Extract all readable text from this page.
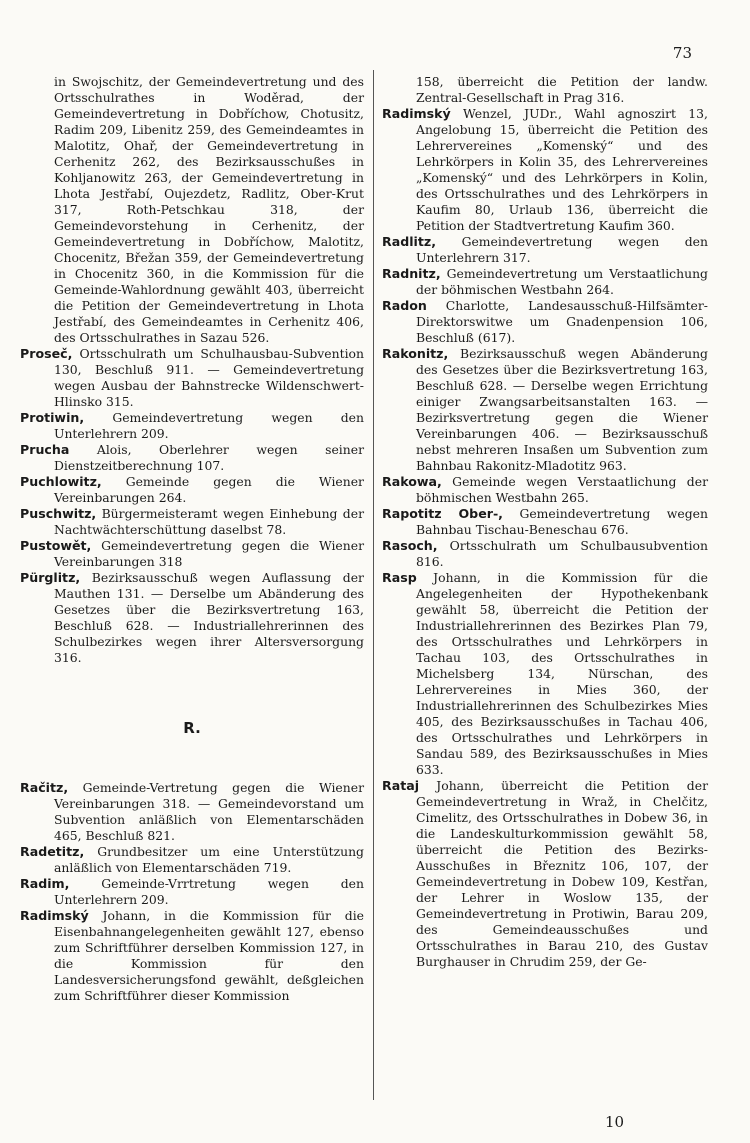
73

in Swojschitz, der Gemeindevertretung und des Ortsschulrathes in Woděrad, der Gemeindevertretung in Dobříchow, Chotusitz, Radim 209, Libenitz 259, des Gemeindeamtes in Malotitz, Ohař, der Gemeindevertretung in Cerhenitz 262, des Bezirksausschußes in Kohljanowitz 263, der Gemeindevertretung in Lhota Jestřabí, Oujezdetz, Radlitz, Ober-Krut 317, Roth-Petschkau 318, der Gemeindevorstehung in Cerhenitz, der Gemeindevertretung in Dobříchow, Malotitz, Chocenitz, Břežan 359, der Gemeindevertretung in Chocenitz 360, in die Kommission für die Gemeinde-Wahlordnung gewählt 403, überreicht die Petition der Gemeindevertretung in Lhota Jestřabí, des Gemeindeamtes in Cerhenitz 406, des Ortsschulrathes in Sazau 526.

Proseč, Ortsschulrath um Schulhausbau-Subvention 130, Beschluß 911. — Gemeindevertretung wegen Ausbau der Bahnstrecke Wildenschwert-Hlinsko 315.

Protiwin, Gemeindevertretung wegen den Unterlehrern 209.

Prucha Alois, Oberlehrer wegen seiner Dienstzeitberechnung 107.

Puchlowitz, Gemeinde gegen die Wiener Vereinbarungen 264.

Puschwitz, Bürgermeisteramt wegen Einhebung der Nachtwächterschüttung daselbst 78.

Pustowět, Gemeindevertretung gegen die Wiener Vereinbarungen 318

Pürglitz, Bezirksausschuß wegen Auflassung der Mauthen 131. — Derselbe um Abänderung des Gesetzes über die Bezirksvertretung 163, Beschluß 628. — Industriallehrerinnen des Schulbezirkes wegen ihrer Altersversorgung 316.

R.

Račitz, Gemeinde-Vertretung gegen die Wiener Vereinbarungen 318. — Gemeindevorstand um Subvention anläßlich von Elementarschäden 465, Beschluß 821.

Radetitz, Grundbesitzer um eine Unterstützung anläßlich von Elementarschäden 719.

Radim,	Gemeinde-Vrrtretung wegen den Unterlehrern 209.

Radimský Johann, in die Kommission für die Eisenbahnangelegenheiten gewählt 127, ebenso zum Schriftführer derselben Kommission 127, in die Kommission für den Landesversicherungsfond gewählt, deßgleichen zum Schriftführer dieser Kommission

158, überreicht die Petition der landw. Zentral-Gesellschaft in Prag 316.

Radimský Wenzel, JUDr., Wahl agnoszirt 13, Angelobung 15, überreicht die Petition des Lehrervereines „Komenský“ und des Lehrkörpers in Kolin 35, des Lehrervereines „Komenský“ und des Lehrkörpers in Kolin, des Ortsschulrathes und des Lehrkörpers in Kaufim 80, Urlaub 136, überreicht die Petition der Stadtvertretung Kaufim 360.

Radlitz, Gemeindevertretung wegen den Unterlehrern 317.

Radnitz, Gemeindevertretung um Verstaatlichung der böhmischen Westbahn 264.

Radon Charlotte, Landesausschuß-Hilfsämter-Direktorswitwe um Gnadenpension 106, Beschluß (617).

Rakonitz, Bezirksausschuß wegen Abänderung des Gesetzes über die Bezirksvertretung 163, Beschluß 628. — Derselbe wegen Errichtung einiger Zwangsarbeitsanstalten 163. — Bezirksvertretung gegen die Wiener Vereinbarungen 406. — Bezirksausschuß nebst mehreren Insaßen um Subvention zum Bahnbau Rakonitz-Mladotitz 963.

Rakowa, Gemeinde wegen Verstaatlichung der böhmischen Westbahn 265.

Rapotitz Ober-, Gemeindevertretung wegen Bahnbau Tischau-Beneschau 676.

Rasoch, Ortsschulrath um Schulbausubvention 816.

Rasp Johann, in die Kommission für die Angelegenheiten der Hypothekenbank gewählt 58, überreicht die Petition der Industriallehrerinnen des Bezirkes Plan 79, des Ortsschulrathes und Lehrkörpers in Tachau 103, des Ortsschulrathes in Michelsberg 134, Nürschan, des Lehrervereines in Mies 360, der Industriallehrerinnen des Schulbezirkes Mies 405, des Bezirksausschußes in Tachau 406, des Ortsschulrathes und Lehrkörpers in Sandau 589, des Bezirksausschußes in Mies 633.

Rataj Johann, überreicht die Petition der Gemeindevertretung in Wraž, in Chelčitz, Cimelitz, des Ortsschulrathes in Dobew 36, in die Landeskulturkommission gewählt 58, überreicht die Petition des Bezirks-Ausschußes in Březnitz 106, 107, der Gemeindevertretung in Dobew 109, Kestřan, der Lehrer in Woslow 135, der Gemeindevertretung in Protiwin, Barau 209, des Gemeindeausschußes und Ortsschulrathes in Barau 210, des Gustav Burghauser in Chrudim 259, der Ge-

10
